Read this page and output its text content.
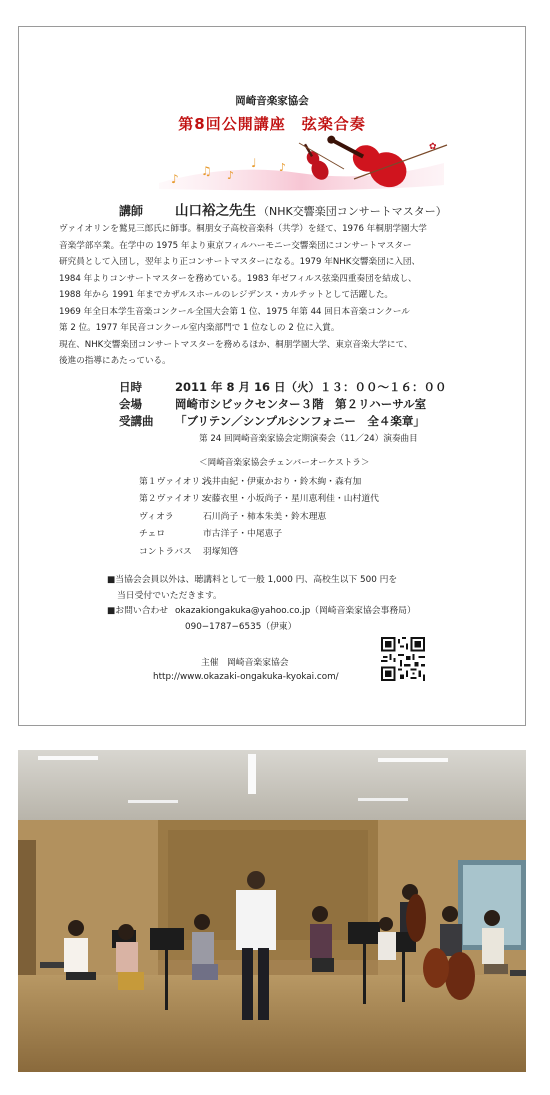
岡崎音楽家協会
第8回公開講座　弦楽合奏
♪
♫ ♪
♩ ♪
✿
講師 山口裕之先生 （NHK交響楽団コンサートマスター）
ヴァイオリンを鷲見三郎氏に師事。桐朋女子高校音楽科（共学）を経て、1976 年桐朋学園大学
音楽学部卒業。在学中の 1975 年より東京フィルハーモニー交響楽団にコンサートマスター
研究員として入団し，翌年より正コンサートマスターになる。1979 年NHK交響楽団に入団、
1984 年よりコンサートマスターを務めている。1983 年ゼフィルス弦楽四重奏団を結成し、
1988 年から 1991 年までカザルスホールのレジデンス・カルテットとして活躍した。
1969 年全日本学生音楽コンクール全国大会第 1 位、1975 年第 44 回日本音楽コンクール
第 2 位。1977 年民音コンクール室内楽部門で 1 位なしの 2 位に入賞。
現在、NHK交響楽団コンサートマスターを務めるほか、桐朋学園大学、東京音楽大学にて、
後進の指導にあたっている。
日時	2011 年 8 月 16 日（火）１３：００〜１６：００
会場	岡崎市シビックセンター３階　第２リハーサル室
受講曲 「ブリテン／シンプルシンフォニー　全４楽章」
第 24 回岡崎音楽家協会定期演奏会（11／24）演奏曲目
＜岡崎音楽家協会チェンバーオーケストラ＞
第１ヴァイオリン浅井由紀・伊東かおり・鈴木絢・森有加
第２ヴァイオリン安藤衣里・小坂尚子・星川恵利佳・山村道代
ヴィオラ	石川尚子・柿本朱美・鈴木理恵
チェロ	市古洋子・中尾恵子
コントラバス 羽塚知啓
■当協会会員以外は、聴講料として一般 1,000 円、高校生以下 500 円を
当日受付でいただきます。
■お問い合わせ okazakiongakuka@yahoo.co.jp（岡崎音楽家協会事務局）
090−1787−6535（伊東）
主催 岡崎音楽家協会
http://www.okazaki-ongakuka-kyokai.com/
